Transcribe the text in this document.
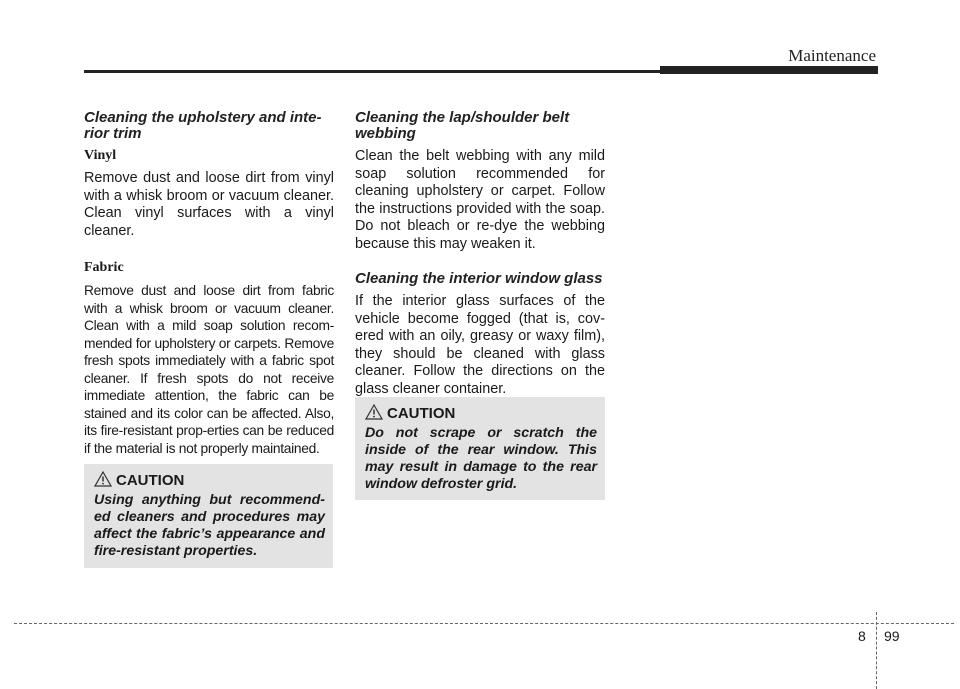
Maintenance

Cleaning the upholstery and inte-
rior trim

Vinyl

Remove dust and loose dirt from vinyl with a whisk broom or vacuum cleaner. Clean vinyl surfaces with a vinyl cleaner.

Fabric

Remove dust and loose dirt from fabric with a whisk broom or vacuum cleaner. Clean with a mild soap solution recom-mended for upholstery or carpets. Remove fresh spots immediately with a fabric spot cleaner. If fresh spots do not receive immediate attention, the fabric can be stained and its color can be affected. Also, its fire-resistant prop-erties can be reduced if the material is not properly maintained.

CAUTION

Using anything but recommend-ed cleaners and procedures may affect the fabric’s appearance and fire-resistant properties.

Cleaning the lap/shoulder belt
webbing

Clean the belt webbing with any mild soap solution recommended for cleaning upholstery or carpet. Follow the instructions provided with the soap. Do not bleach or re-dye the webbing because this may weaken it.

Cleaning the interior window glass

If the interior glass surfaces of the vehicle become fogged (that is, cov-ered with an oily, greasy or waxy film), they should be cleaned with glass cleaner. Follow the directions on the glass cleaner container.

CAUTION

Do not scrape or scratch the inside of the rear window. This may result in damage to the rear window defroster grid.

8 99
